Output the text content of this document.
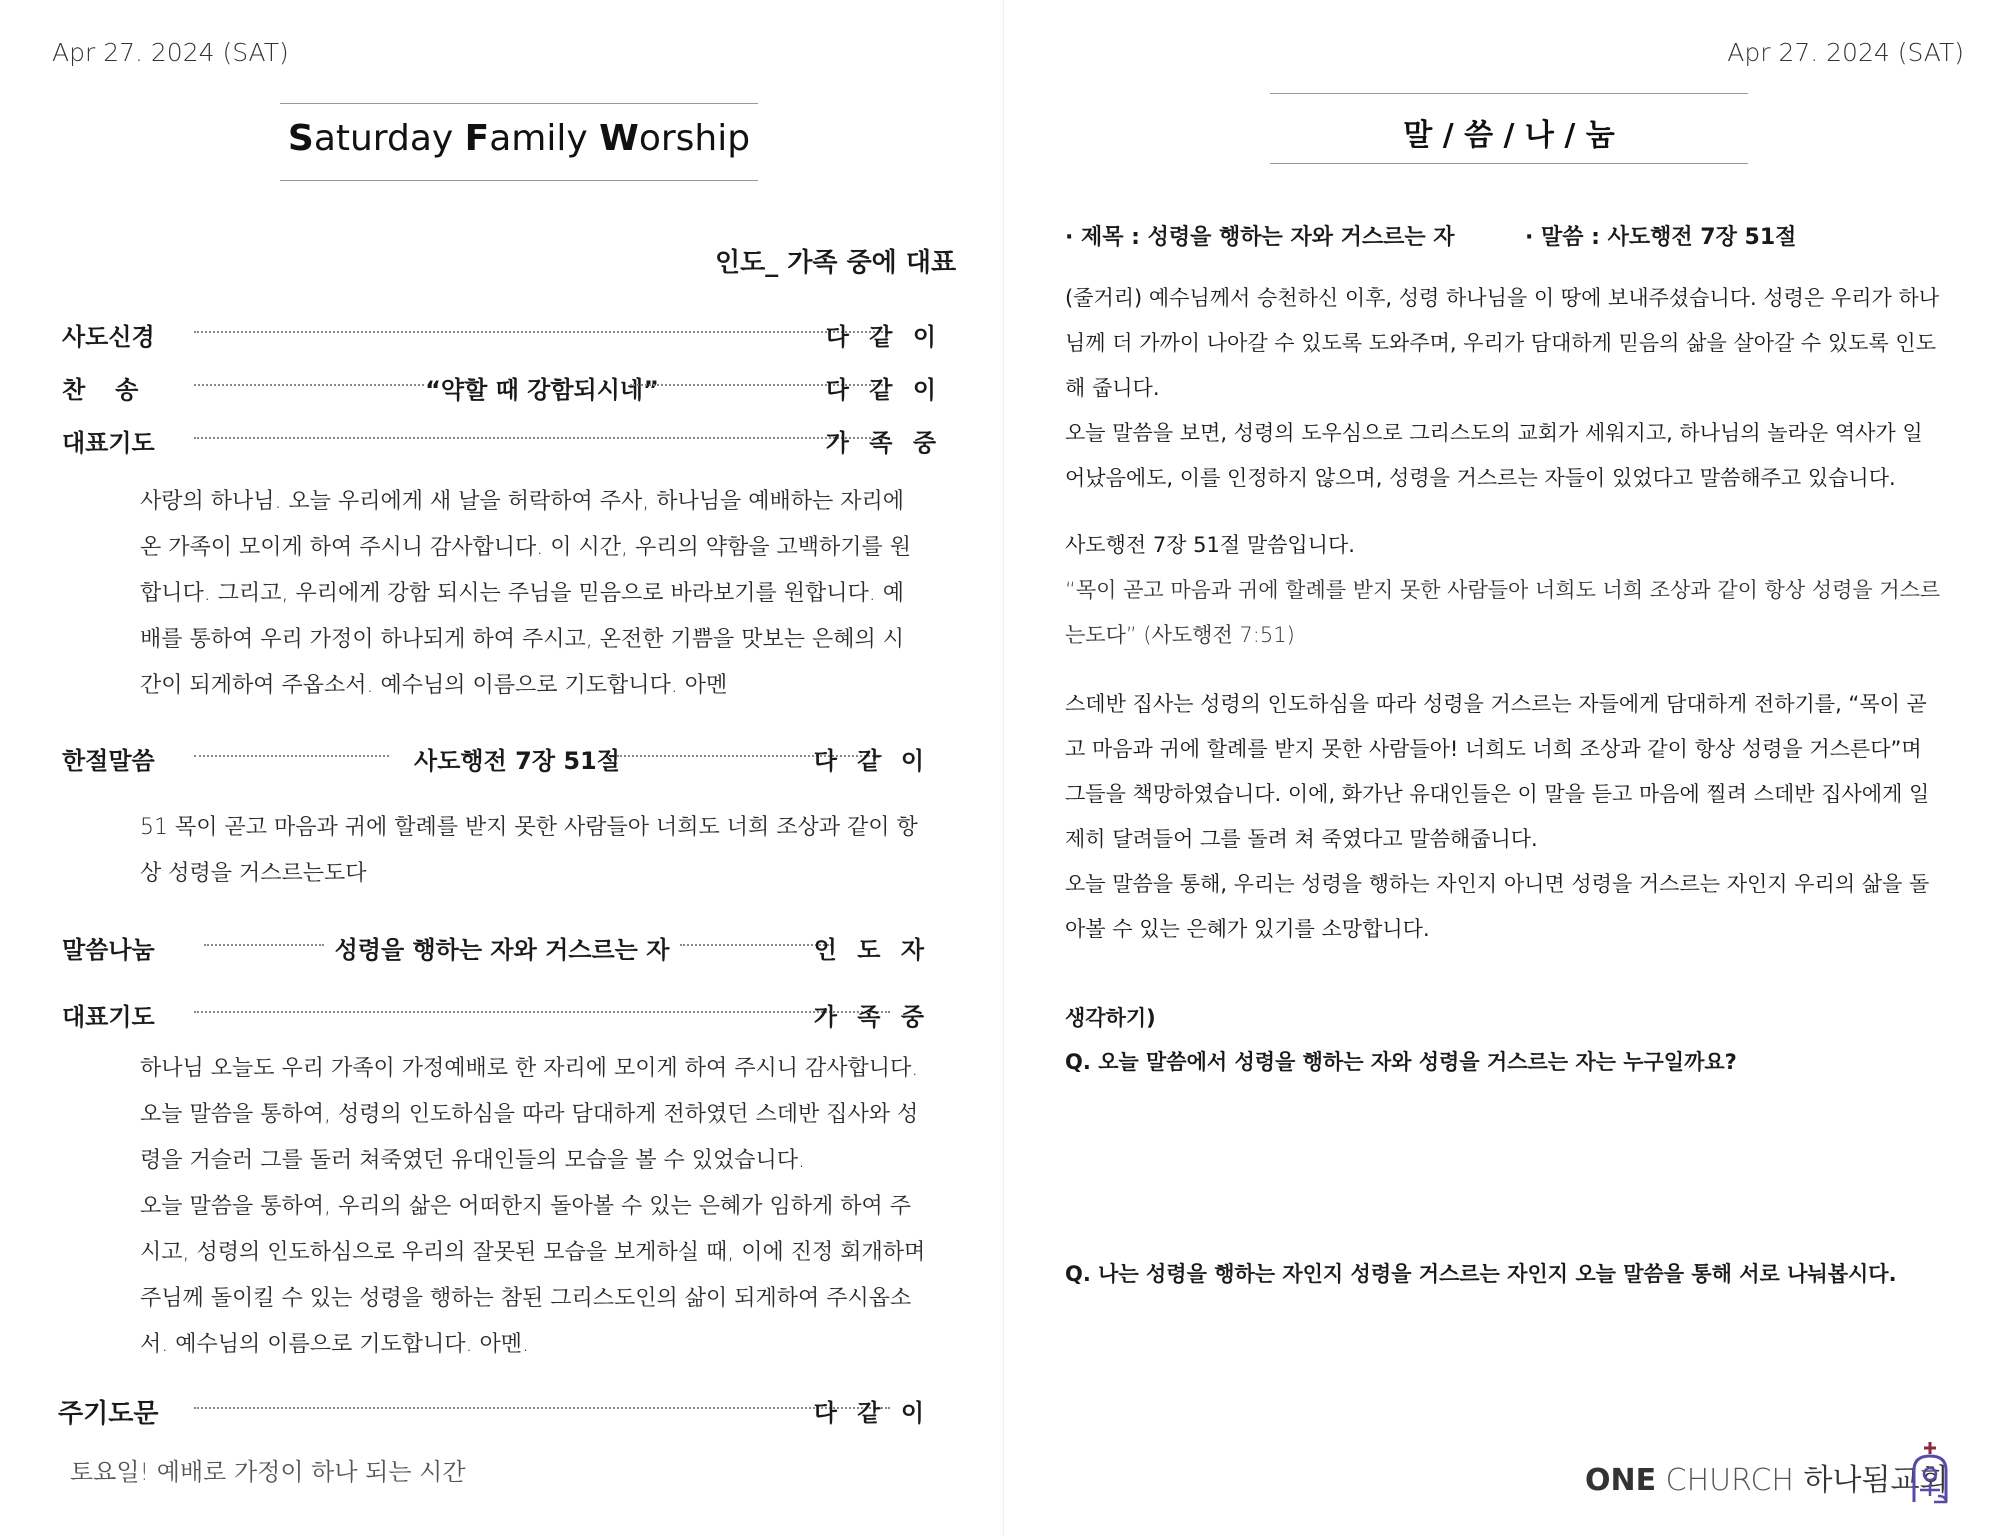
Apr 27. 2024 (SAT)
Saturday Family Worship
인도_ 가족 중에 대표
사도신경	다 같 이
찬송	“약할 때 강함되시네”	다 같 이
대표기도	가 족 중
사랑의 하나님. 오늘 우리에게 새 날을 허락하여 주사, 하나님을 예배하는 자리에
온 가족이 모이게 하여 주시니 감사합니다. 이 시간, 우리의 약함을 고백하기를 원
합니다. 그리고, 우리에게 강함 되시는 주님을 믿음으로 바라보기를 원합니다. 예
배를 통하여 우리 가정이 하나되게 하여 주시고, 온전한 기쁨을 맛보는 은혜의 시
간이 되게하여 주옵소서. 예수님의 이름으로 기도합니다. 아멘
한절말씀	사도행전 7장 51절	다 같 이
51 목이 곧고 마음과 귀에 할례를 받지 못한 사람들아 너희도 너희 조상과 같이 항
상 성령을 거스르는도다
말씀나눔	성령을 행하는 자와 거스르는 자	인 도 자
대표기도	가 족 중
하나님 오늘도 우리 가족이 가정예배로 한 자리에 모이게 하여 주시니 감사합니다.
오늘 말씀을 통하여, 성령의 인도하심을 따라 담대하게 전하였던 스데반 집사와 성
령을 거슬러 그를 돌러 쳐죽였던 유대인들의 모습을 볼 수 있었습니다.
오늘 말씀을 통하여, 우리의 삶은 어떠한지 돌아볼 수 있는 은혜가 임하게 하여 주
시고, 성령의 인도하심으로 우리의 잘못된 모습을 보게하실 때, 이에 진정 회개하며
주님께 돌이킬 수 있는 성령을 행하는 참된 그리스도인의 삶이 되게하여 주시옵소
서. 예수님의 이름으로 기도합니다. 아멘.
주기도문	다 같 이
토요일! 예배로 가정이 하나 되는 시간
Apr 27. 2024 (SAT)
말 / 씀 / 나 / 눔
· 제목 : 성령을 행하는 자와 거스르는 자	· 말씀 : 사도행전 7장 51절
(줄거리) 예수님께서 승천하신 이후, 성령 하나님을 이 땅에 보내주셨습니다. 성령은 우리가 하나
님께 더 가까이 나아갈 수 있도록 도와주며, 우리가 담대하게 믿음의 삶을 살아갈 수 있도록 인도
해 줍니다.
오늘 말씀을 보면, 성령의 도우심으로 그리스도의 교회가 세워지고, 하나님의 놀라운 역사가 일
어났음에도, 이를 인정하지 않으며, 성령을 거스르는 자들이 있었다고 말씀해주고 있습니다.
사도행전 7장 51절 말씀입니다.
“목이 곧고 마음과 귀에 할례를 받지 못한 사람들아 너희도 너희 조상과 같이 항상 성령을 거스르
는도다” (사도행전 7:51)
스데반 집사는 성령의 인도하심을 따라 성령을 거스르는 자들에게 담대하게 전하기를, “목이 곧
고 마음과 귀에 할례를 받지 못한 사람들아! 너희도 너희 조상과 같이 항상 성령을 거스른다”며
그들을 책망하였습니다. 이에, 화가난 유대인들은 이 말을 듣고 마음에 찔려 스데반 집사에게 일
제히 달려들어 그를 돌려 쳐 죽였다고 말씀해줍니다.
오늘 말씀을 통해, 우리는 성령을 행하는 자인지 아니면 성령을 거스르는 자인지 우리의 삶을 돌
아볼 수 있는 은혜가 있기를 소망합니다.
생각하기)
Q. 오늘 말씀에서 성령을 행하는 자와 성령을 거스르는 자는 누구일까요?
Q. 나는 성령을 행하는 자인지 성령을 거스르는 자인지 오늘 말씀을 통해 서로 나눠봅시다.
ONE CHURCH 하나됨교회
